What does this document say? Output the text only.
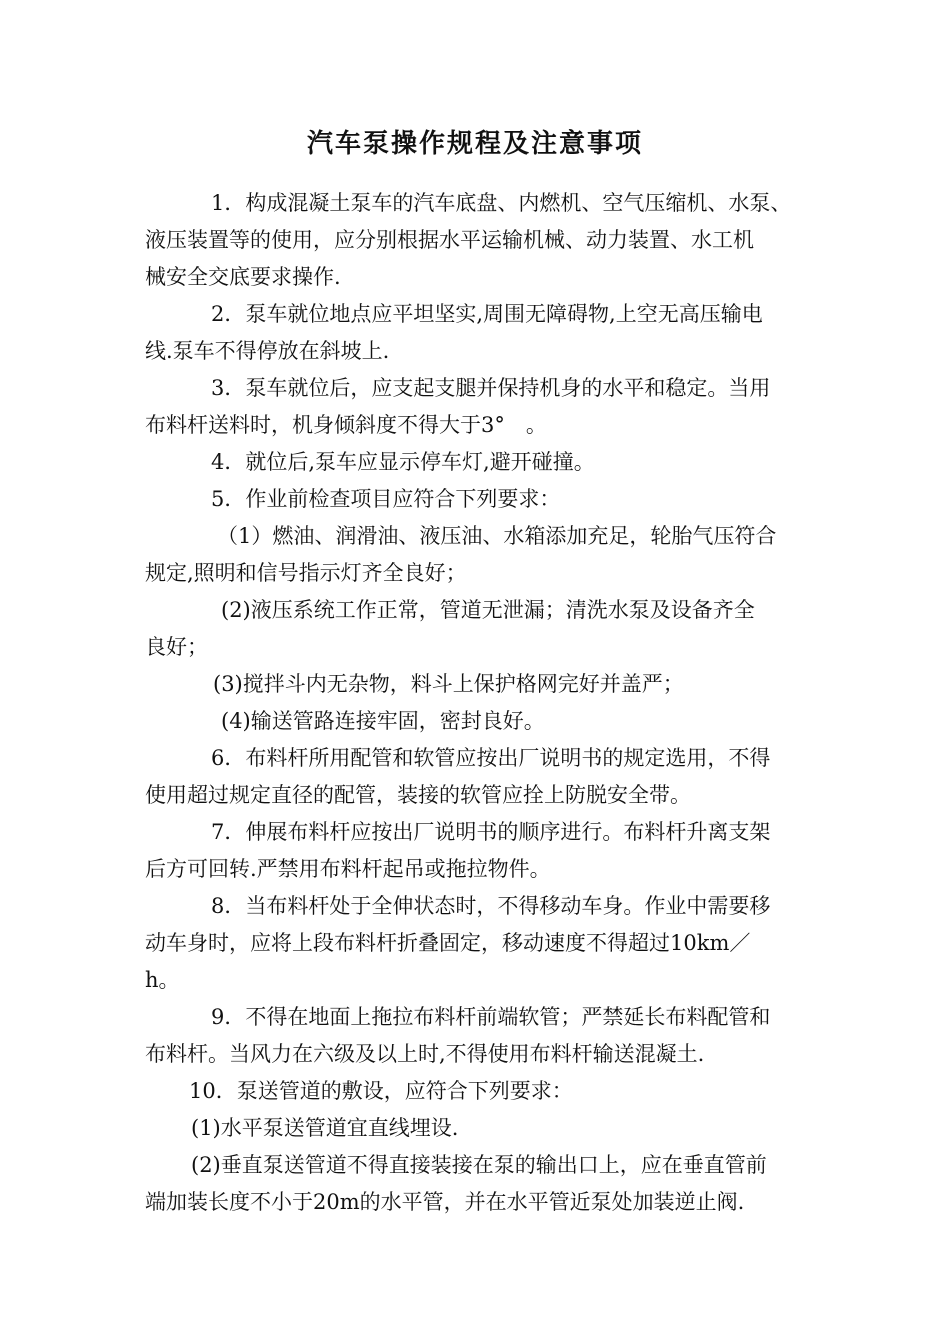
汽车泵操作规程及注意事项

1．构成混凝土泵车的汽车底盘、内燃机、空气压缩机、水泵、
液压装置等的使用，应分别根据水平运输机械、动力装置、水工机
械安全交底要求操作.

2．泵车就位地点应平坦坚实,周围无障碍物,上空无高压输电
线.泵车不得停放在斜坡上.

3．泵车就位后，应支起支腿并保持机身的水平和稳定。当用
布料杆送料时，机身倾斜度不得大于3°　。

4．就位后,泵车应显示停车灯,避开碰撞。

5．作业前检查项目应符合下列要求：

（1）燃油、润滑油、液压油、水箱添加充足，轮胎气压符合
规定,照明和信号指示灯齐全良好；

(2)液压系统工作正常，管道无泄漏；清洗水泵及设备齐全
良好；

(3)搅拌斗内无杂物，料斗上保护格网完好并盖严；

(4)输送管路连接牢固，密封良好。

6．布料杆所用配管和软管应按出厂说明书的规定选用，不得
使用超过规定直径的配管，装接的软管应拴上防脱安全带。

7．伸展布料杆应按出厂说明书的顺序进行。布料杆升离支架
后方可回转.严禁用布料杆起吊或拖拉物件。

8．当布料杆处于全伸状态时，不得移动车身。作业中需要移
动车身时，应将上段布料杆折叠固定，移动速度不得超过10km／
h。

9．不得在地面上拖拉布料杆前端软管；严禁延长布料配管和
布料杆。当风力在六级及以上时,不得使用布料杆输送混凝土.

10．泵送管道的敷设，应符合下列要求：

(1)水平泵送管道宜直线埋设.

(2)垂直泵送管道不得直接装接在泵的输出口上，应在垂直管前
端加装长度不小于20m的水平管，并在水平管近泵处加装逆止阀.
